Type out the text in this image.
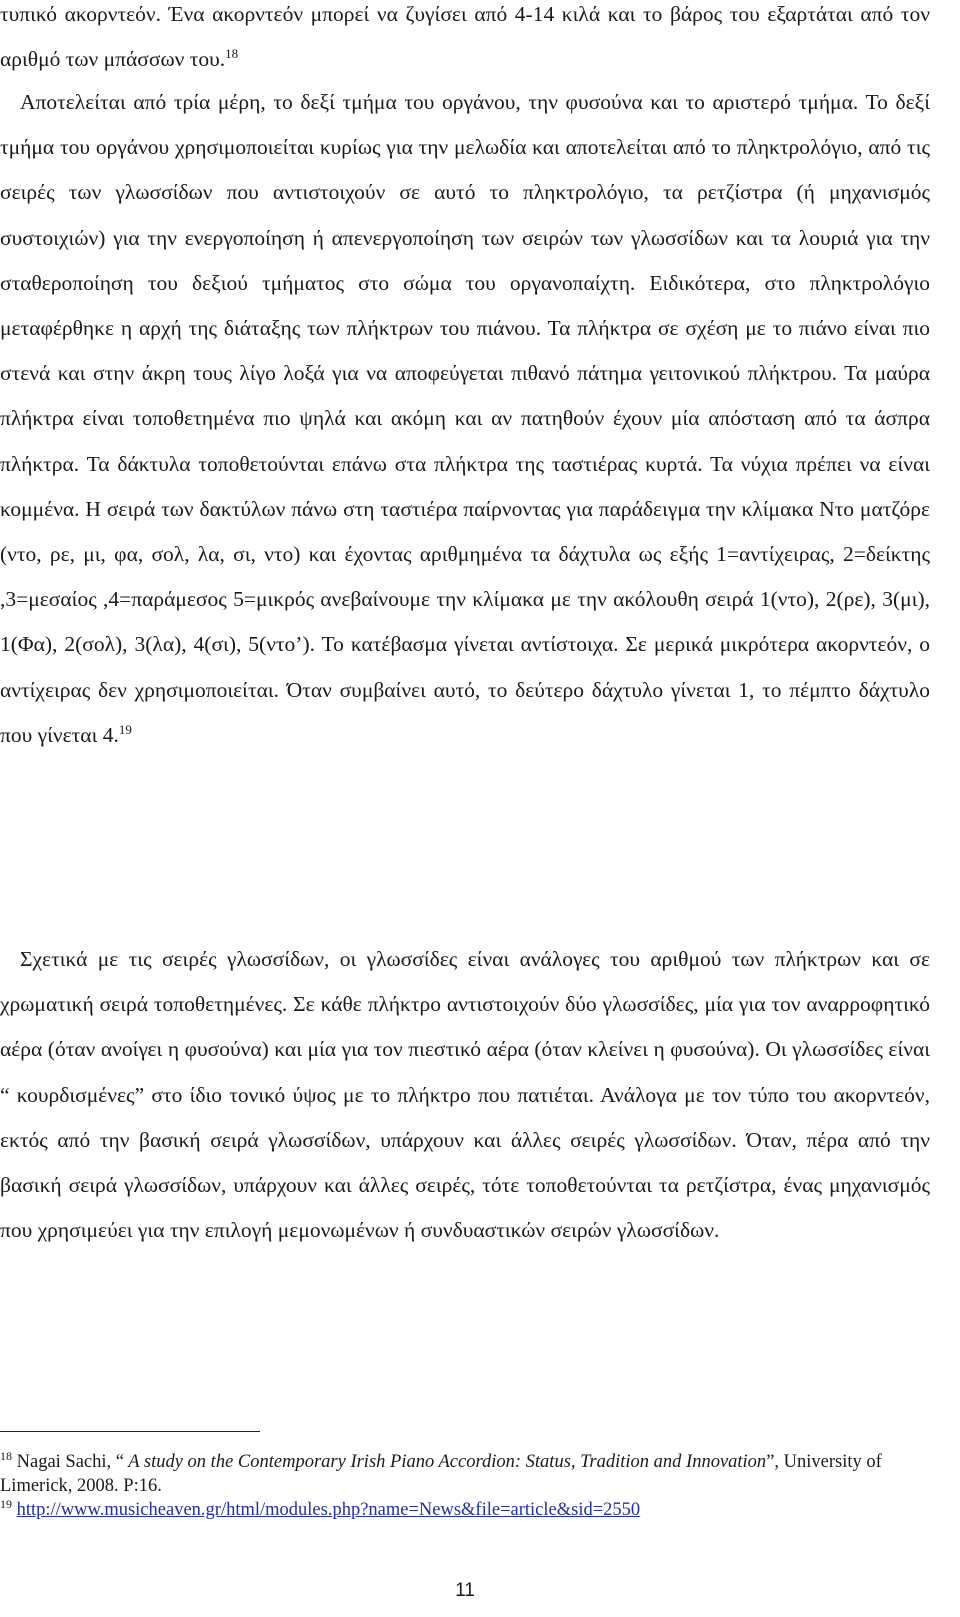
τυπικό ακορντεόν. Ένα ακορντεόν μπορεί να ζυγίσει από 4-14 κιλά και το βάρος του εξαρτάται από τον αριθμό των μπάσσων του.$^{18}$

Αποτελείται από τρία μέρη, το δεξί τμήμα του οργάνου, την φυσούνα και το αριστερό τμήμα. Το δεξί τμήμα του οργάνου χρησιμοποιείται κυρίως για την μελωδία και αποτελείται από το πληκτρολόγιο, από τις σειρές των γλωσσίδων που αντιστοιχούν σε αυτό το πληκτρολόγιο, τα ρετζίστρα (ή μηχανισμός συστοιχιών) για την ενεργοποίηση ή απενεργοποίηση των σειρών των γλωσσίδων και τα λουριά για την σταθεροποίηση του δεξιού τμήματος στο σώμα του οργανοπαίχτη. Ειδικότερα, στο πληκτρολόγιο μεταφέρθηκε η αρχή της διάταξης των πλήκτρων του πιάνου. Τα πλήκτρα σε σχέση με το πιάνο είναι πιο στενά και στην άκρη τους λίγο λοξά για να αποφεύγεται πιθανό πάτημα γειτονικού πλήκτρου. Τα μαύρα πλήκτρα είναι τοποθετημένα πιο ψηλά και ακόμη και αν πατηθούν έχουν μία απόσταση από τα άσπρα πλήκτρα. Τα δάκτυλα τοποθετούνται επάνω στα πλήκτρα της ταστιέρας κυρτά. Τα νύχια πρέπει να είναι κομμένα. Η σειρά των δακτύλων πάνω στη ταστιέρα παίρνοντας για παράδειγμα την κλίμακα Ντο ματζόρε (ντο, ρε, μι, φα, σολ, λα, σι, ντο) και έχοντας αριθμημένα τα δάχτυλα ως εξής 1=αντίχειρας, 2=δείκτης ,3=μεσαίος ,4=παράμεσος 5=μικρός ανεβαίνουμε την κλίμακα με την ακόλουθη σειρά 1(ντο), 2(ρε), 3(μι), 1(Φα), 2(σολ), 3(λα), 4(σι), 5(ντο’). Το κατέβασμα γίνεται αντίστοιχα. Σε μερικά μικρότερα ακορντεόν, ο αντίχειρας δεν χρησιμοποιείται. Όταν συμβαίνει αυτό, το δεύτερο δάχτυλο γίνεται 1, το πέμπτο δάχτυλο που γίνεται 4.19

Σχετικά με τις σειρές γλωσσίδων, οι γλωσσίδες είναι ανάλογες του αριθμού των πλήκτρων και σε χρωματική σειρά τοποθετημένες. Σε κάθε πλήκτρο αντιστοιχούν δύο γλωσσίδες, μία για τον αναρροφητικό αέρα (όταν ανοίγει η φυσούνα) και μία για τον πιεστικό αέρα (όταν κλείνει η φυσούνα). Οι γλωσσίδες είναι “ κουρδισμένες” στο ίδιο τονικό ύψος με το πλήκτρο που πατιέται. Ανάλογα με τον τύπο του ακορντεόν, εκτός από την βασική σειρά γλωσσίδων, υπάρχουν και άλλες σειρές γλωσσίδων. Όταν, πέρα από την βασική σειρά γλωσσίδων, υπάρχουν και άλλες σειρές, τότε τοποθετούνται τα ρετζίστρα, ένας μηχανισμός που χρησιμεύει για την επιλογή μεμονωμένων ή συνδυαστικών σειρών γλωσσίδων.

$^{18}$ Nagai Sachi, “ A study on the Contemporary Irish Piano Accordion: Status, Tradition and Innovation”, University of Limerick, 2008. P:16.

$^{19}$ http://www.musicheaven.gr/html/modules.php?name=News&file=article&sid=2550

11
